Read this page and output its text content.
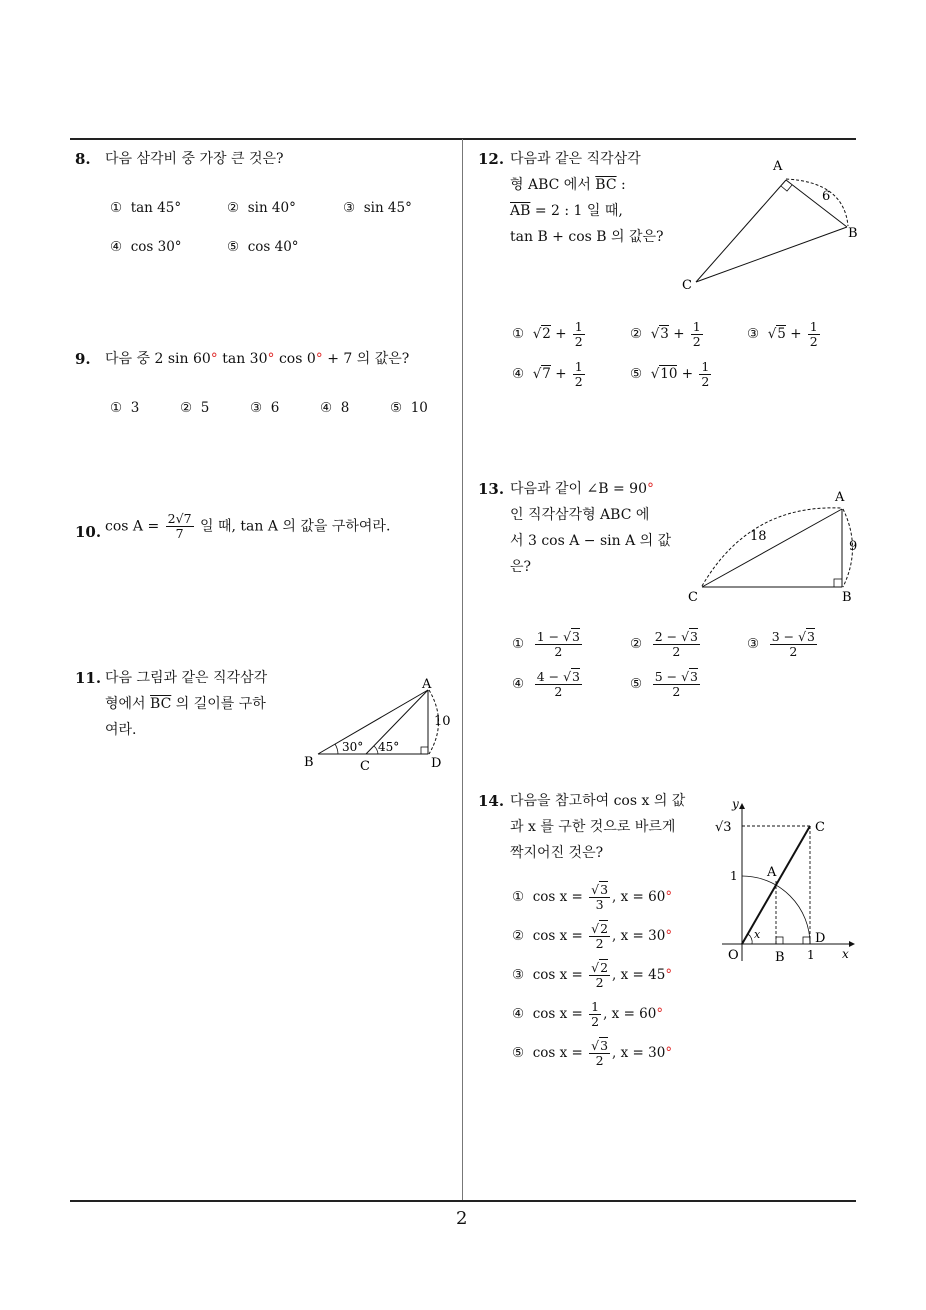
2
8. 다음 삼각비 중 가장 큰 것은?
① tan 45°	② sin 40°	③ sin 45°
④ cos 30°	⑤ cos 40°
9. 다음 중 2 sin 60° tan 30° cos 0° + 7 의 값은?
① 3	② 5	③ 6	④ 8	⑤ 10
10. $\cos A = \frac{2√7}{7}$ 일 때, tan A 의 값을 구하여라.
11. 다음 그림과 같은 직각삼각
형에서 $\overline{BC}$ 의 길이를 구하
여라.
A
B	C	D
10
30° 45°
12. 다음과 같은 직각삼각
형 ABC 에서 $\overline{BC}$ :
$\overline{AB} = 2$ : 1 일 때,
tan B + cos B 의 값은?
A
B
C
6
①  $√2 + \frac{1}{2}$	②  $√3 + \frac{1}{2}$	③  $√5 + \frac{1}{2}$
④  $√7 + \frac{1}{2}$	⑤  $√10 + \frac{1}{2}$
13. 다음과 같이 ∠B = 90°
인 직각삼각형 ABC 에
서 3 cos A − sin A 의 값
은?
A
B
C
18
9
① $\frac{1 - √3}{2}$	② $\frac{2 - √3}{2}$	③ $\frac{3 - √3}{2}$
④ $\frac{4 - √3}{2}$	⑤ $\frac{5 - √3}{2}$
14. 다음을 참고하여 cos x 의 값
과 x 를 구한 것으로 바르게
짝지어진 것은?
y
x
√3
1 A
B
C
D
O	1
x
① $\cos x = \frac{√3}{3}$ , x = 60°
② $\cos x = \frac{√2}{2}$ , x = 30°
③ $\cos x = \frac{√2}{2}$ , x = 45°
④ $\cos x = \frac{1}{2}$ , x = 60°
⑤ $\cos x = \frac{√3}{2}$ , x = 30°
